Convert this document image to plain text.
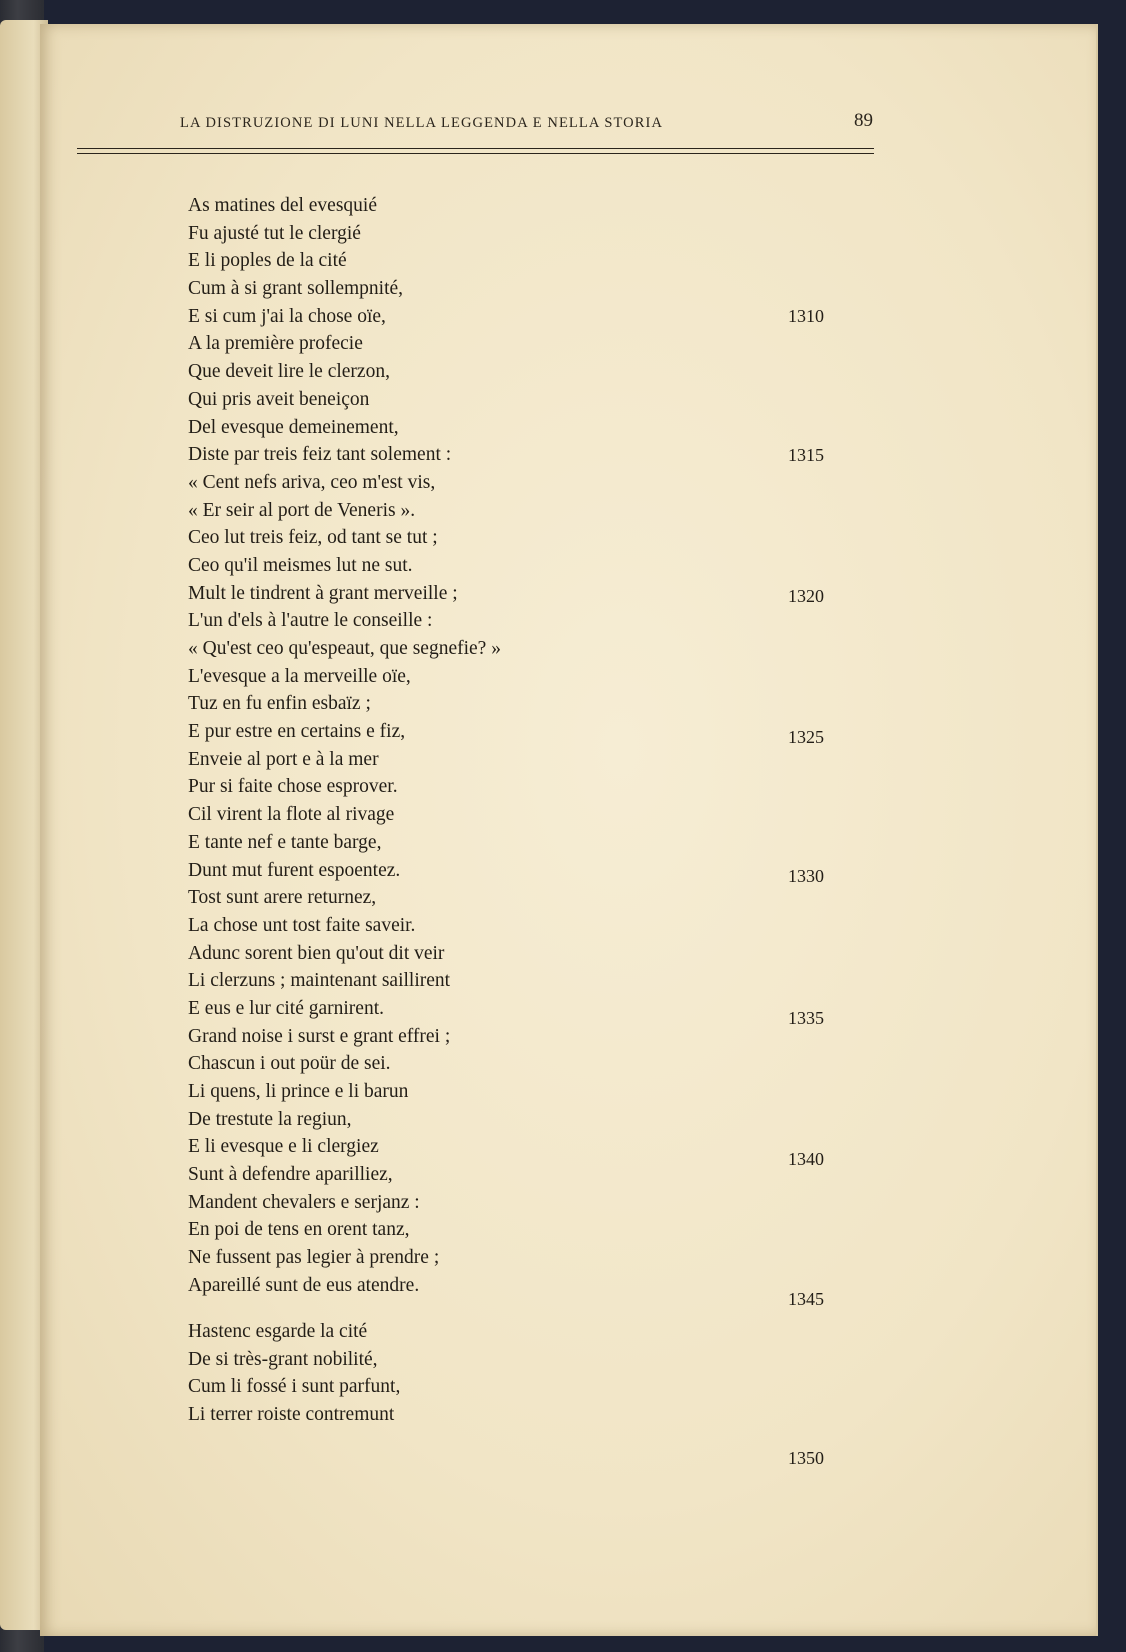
LA DISTRUZIONE DI LUNI NELLA LEGGENDA E NELLA STORIA	89
As matines del evesquié
Fu ajusté tut le clergié
E li poples de la cité
Cum à si grant sollempnité,
E si cum j'ai la chose oïe,
A la première profecie
Que deveit lire le clerzon,
Qui pris aveit beneiçon
Del evesque demeinement,
Diste par treis feiz tant solement :
« Cent nefs ariva, ceo m'est vis,
« Er seir al port de Veneris ».
Ceo lut treis feiz, od tant se tut ;
Ceo qu'il meismes lut ne sut.
Mult le tindrent à grant merveille ;
L'un d'els à l'autre le conseille :
« Qu'est ceo qu'espeaut, que segnefie? »
L'evesque a la merveille oïe,
Tuz en fu enfin esbaïz ;
E pur estre en certains e fiz,
Enveie al port e à la mer
Pur si faite chose esprover.
Cil virent la flote al rivage
E tante nef e tante barge,
Dunt mut furent espoentez.
Tost sunt arere returnez,
La chose unt tost faite saveir.
Adunc sorent bien qu'out dit veir
Li clerzuns ; maintenant saillirent
E eus e lur cité garnirent.
Grand noise i surst e grant effrei ;
Chascun i out poür de sei.
Li quens, li prince e li barun
De trestute la regiun,
E li evesque e li clergiez
Sunt à defendre aparilliez,
Mandent chevalers e serjanz :
En poi de tens en orent tanz,
Ne fussent pas legier à prendre ;
Apareillé sunt de eus atendre.
Hastenc esgarde la cité
De si très-grant nobilité,
Cum li fossé i sunt parfunt,
Li terrer roiste contremunt
1310
1315
1320
1325
1330
1335
1340
1345
1350
